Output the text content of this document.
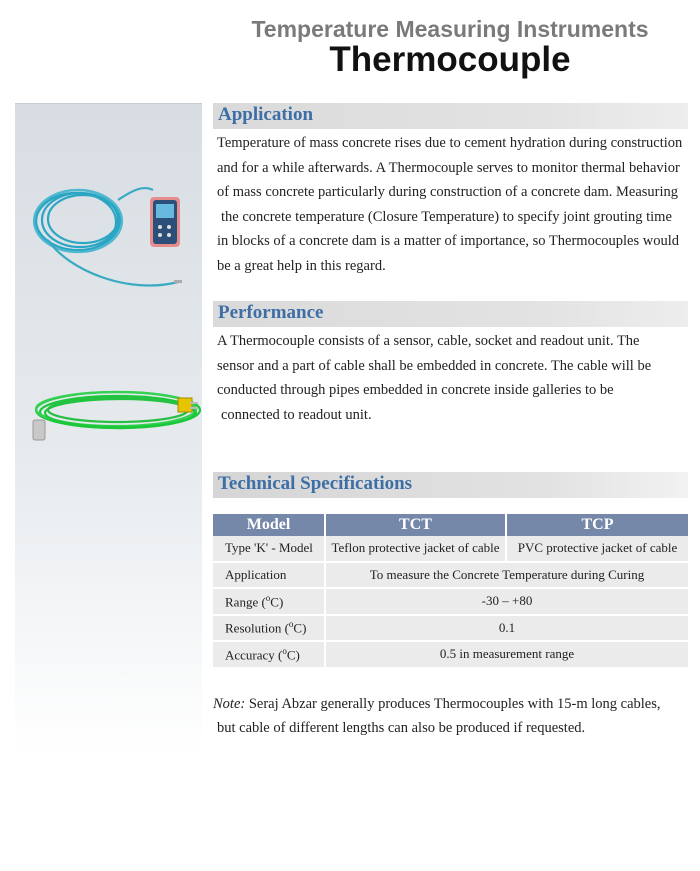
Temperature Measuring Instruments
Thermocouple
Application
Temperature of mass concrete rises due to cement hydration during construction
and for a while afterwards. A Thermocouple serves to monitor thermal behavior
of mass concrete particularly during construction of a concrete dam. Measuring
the concrete temperature (Closure Temperature) to specify joint grouting time
in blocks of a concrete dam is a matter of importance, so Thermocouples would
be a great help in this regard.
Performance
A Thermocouple consists of a sensor, cable, socket and readout unit. The
sensor and a part of cable shall be embedded in concrete. The cable will be
conducted through pipes embedded in concrete inside galleries to be
connected to readout unit.
Technical Specifications
Model	TCT	TCP
Type 'K' - Model	Teflon protective jacket of cable	PVC protective jacket of cable
Application	To measure the Concrete Temperature during Curing	
Range ($^o$C)	-30 – +80	
Resolution ($^o$C)	0.1	
Accuracy ($^o$C)	0.5 in measurement range	
Note: Seraj Abzar generally produces Thermocouples with 15-m long cables,
but cable of different lengths can also be produced if requested.
